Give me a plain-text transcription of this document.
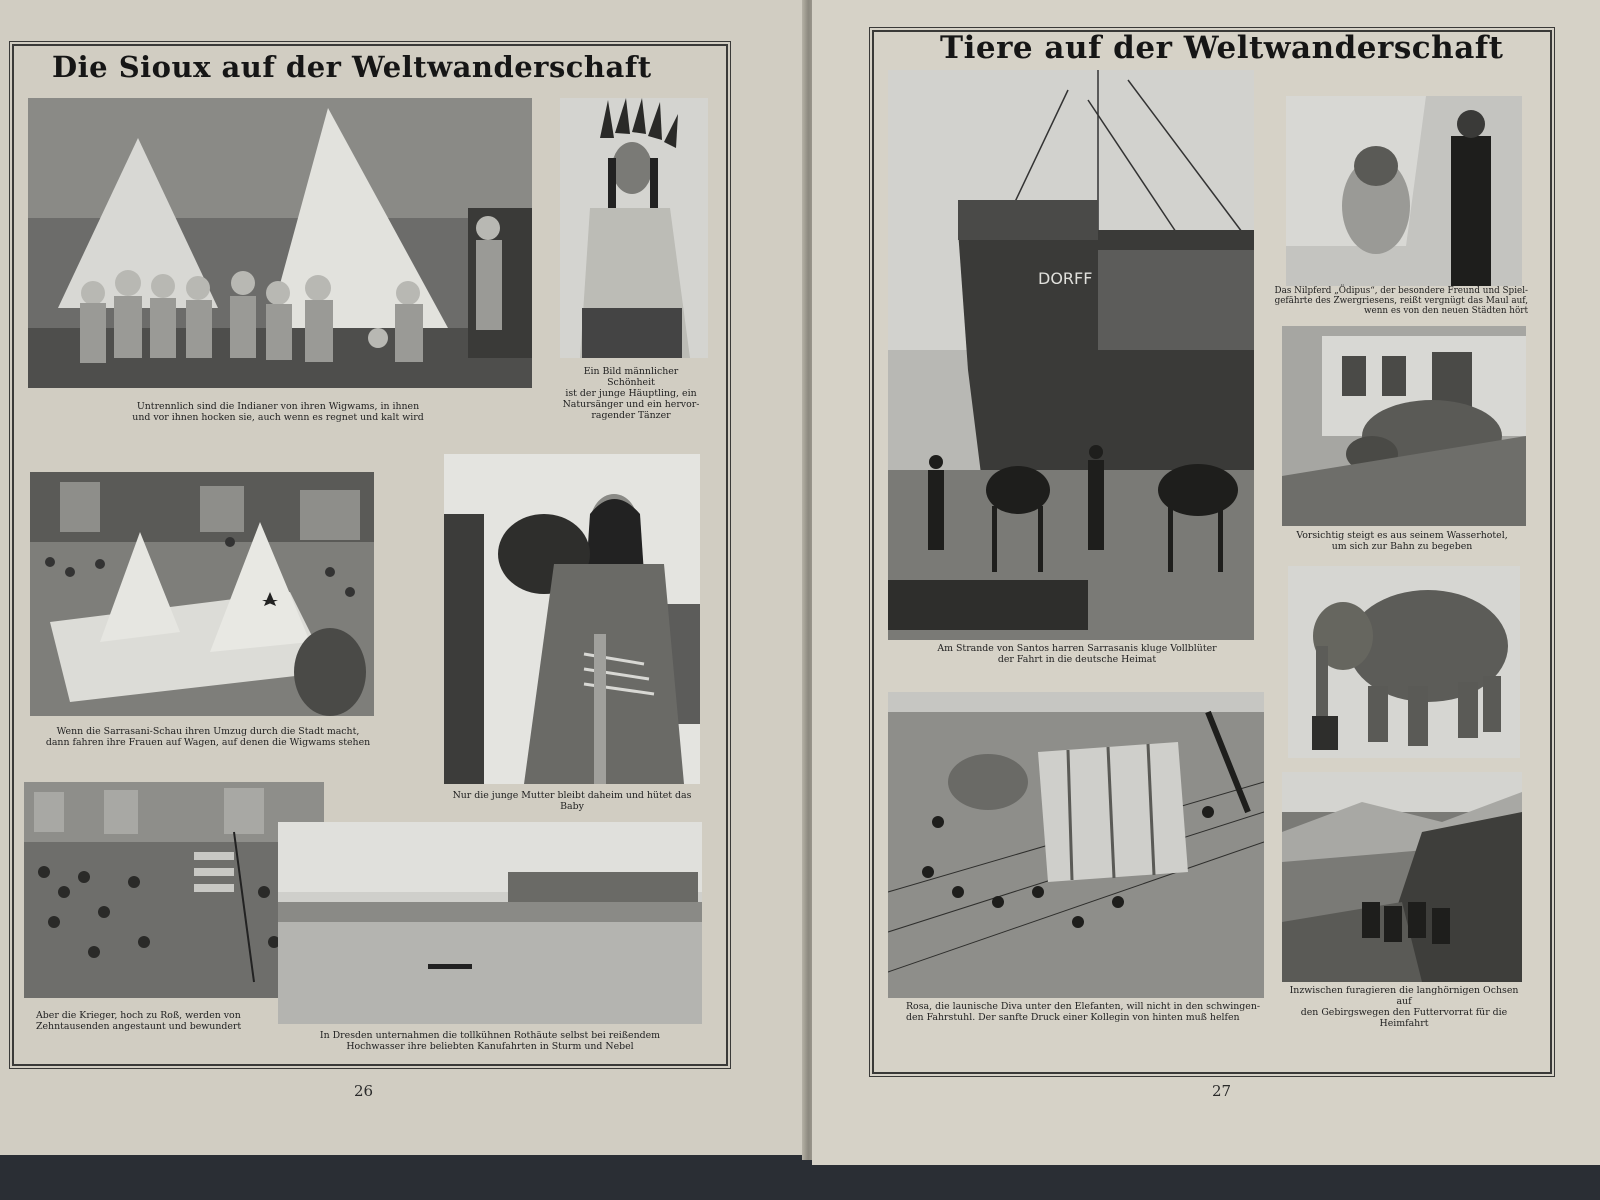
Die Sioux auf der Weltwanderschaft
Untrennlich sind die Indianer von ihren Wigwams, in ihnen
und vor ihnen hocken sie, auch wenn es regnet und kalt wird
Ein Bild männlicher Schönheit
ist der junge Häuptling, ein
Natursänger und ein hervor-
ragender Tänzer
Wenn die Sarrasani-Schau ihren Umzug durch die Stadt macht,
dann fahren ihre Frauen auf Wagen, auf denen die Wigwams stehen
Nur die junge Mutter bleibt daheim und hütet das Baby
Aber die Krieger, hoch zu Roß, werden von
Zehntausenden angestaunt und bewundert
In Dresden unternahmen die tollkühnen Rothäute selbst bei reißendem
Hochwasser ihre beliebten Kanufahrten in Sturm und Nebel
26
Tiere auf der Weltwanderschaft
DORFF
Am Strande von Santos harren Sarrasanis kluge Vollblüter
der Fahrt in die deutsche Heimat
Das Nilpferd „Ödipus“, der besondere Freund und Spiel-
gefährte des Zwergriesens, reißt vergnügt das Maul auf,
wenn es von den neuen Städten hört
Vorsichtig steigt es aus seinem Wasserhotel,
um sich zur Bahn zu begeben
Rosa, die launische Diva unter den Elefanten, will nicht in den schwingen-
den Fahrstuhl. Der sanfte Druck einer Kollegin von hinten muß helfen
Inzwischen furagieren die langhörnigen Ochsen auf
den Gebirgswegen den Futtervorrat für die Heimfahrt
27
